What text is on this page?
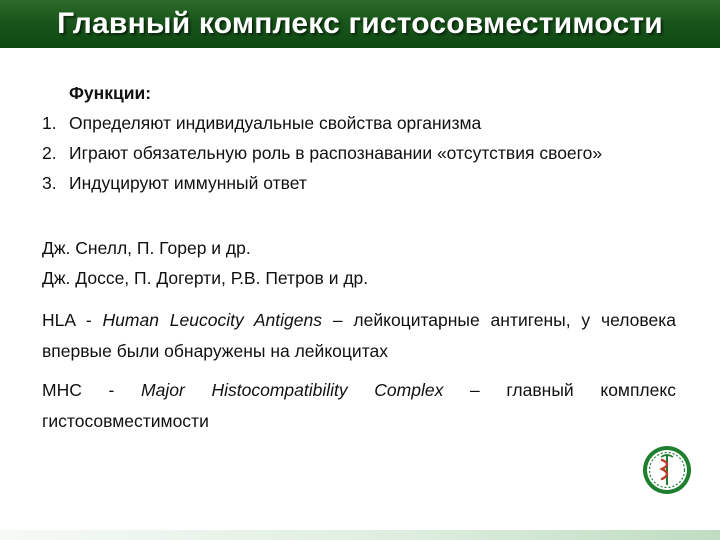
Главный комплекс гистосовместимости
Функции:
1. Определяют индивидуальные свойства организма
2. Играют обязательную роль в распознавании «отсутствия своего»
3. Индуцируют иммунный ответ
Дж. Снелл, П. Горер и др.
Дж. Доссе, П. Догерти, Р.В. Петров и др.
HLA - Human Leucocity Antigens – лейкоцитарные антигены, у человека впервые были обнаружены на лейкоцитах
MHC - Major Histocompatibility Complex – главный комплекс гистосовместимости
